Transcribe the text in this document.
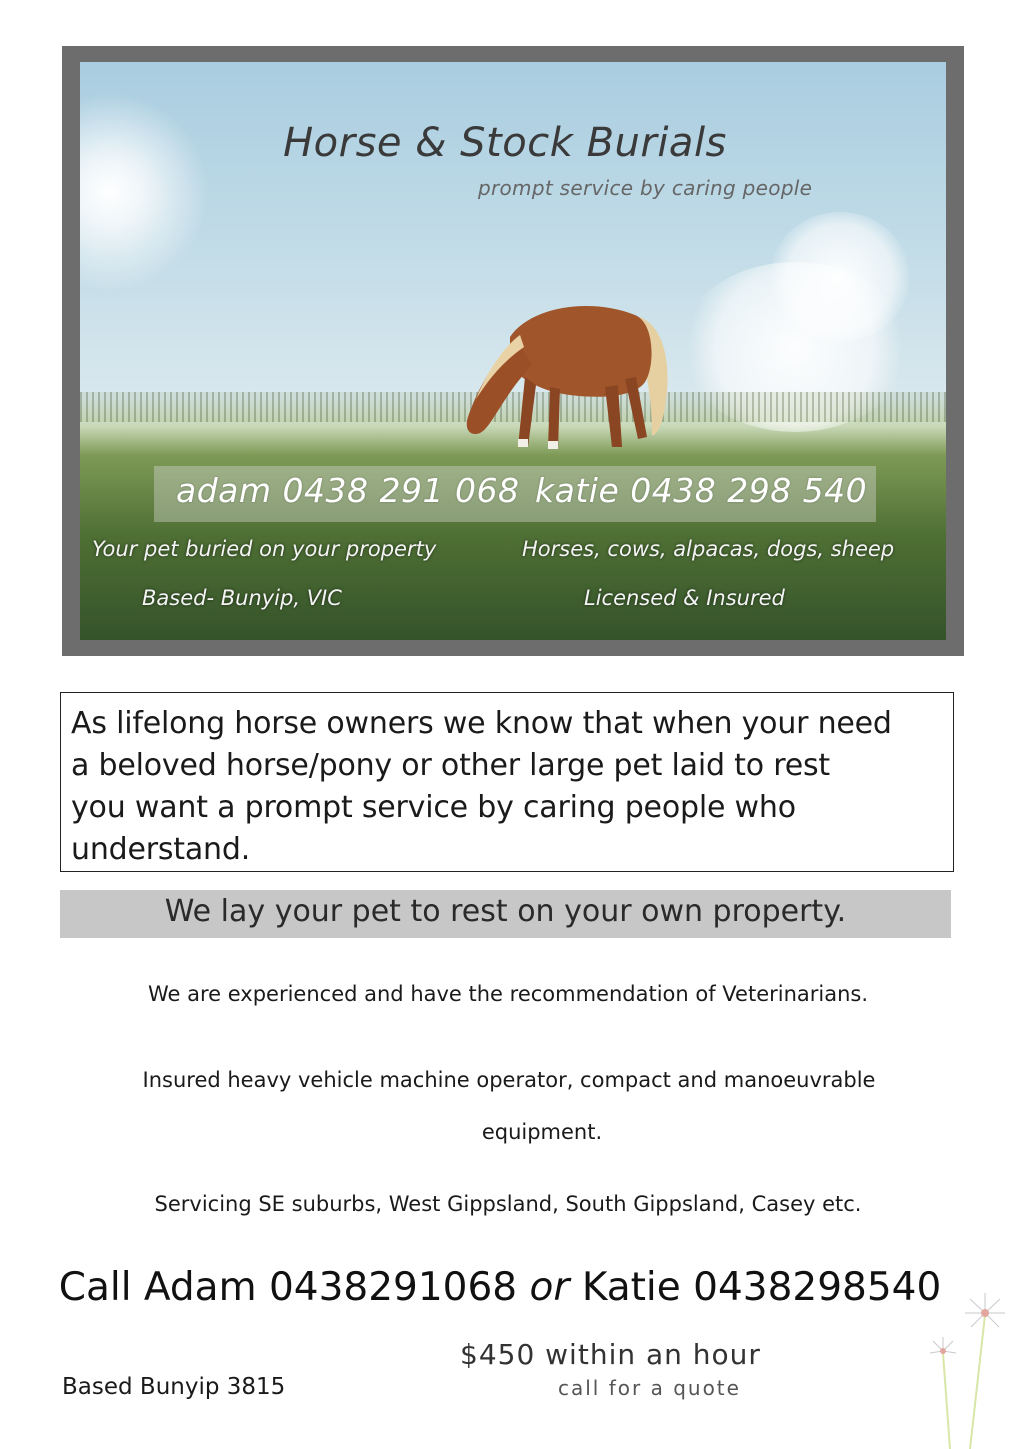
Horse & Stock Burials
prompt service by caring people
adam 0438 291 068 katie 0438 298 540
Your pet buried on your property	Horses, cows, alpacas, dogs, sheep
Based- Bunyip, VIC	Licensed & Insured
As lifelong horse owners we know that when your need
a beloved horse/pony or other large pet laid to rest
you want a prompt service by caring people who
understand.
We lay your pet to rest on your own property.
We are experienced and have the recommendation of Veterinarians.
Insured heavy vehicle machine operator, compact and manoeuvrable
equipment.
Servicing SE suburbs, West Gippsland, South Gippsland, Casey etc.
Call Adam 0438291068 or Katie 0438298540
$450 within an hour
call for a quote
Based Bunyip 3815
